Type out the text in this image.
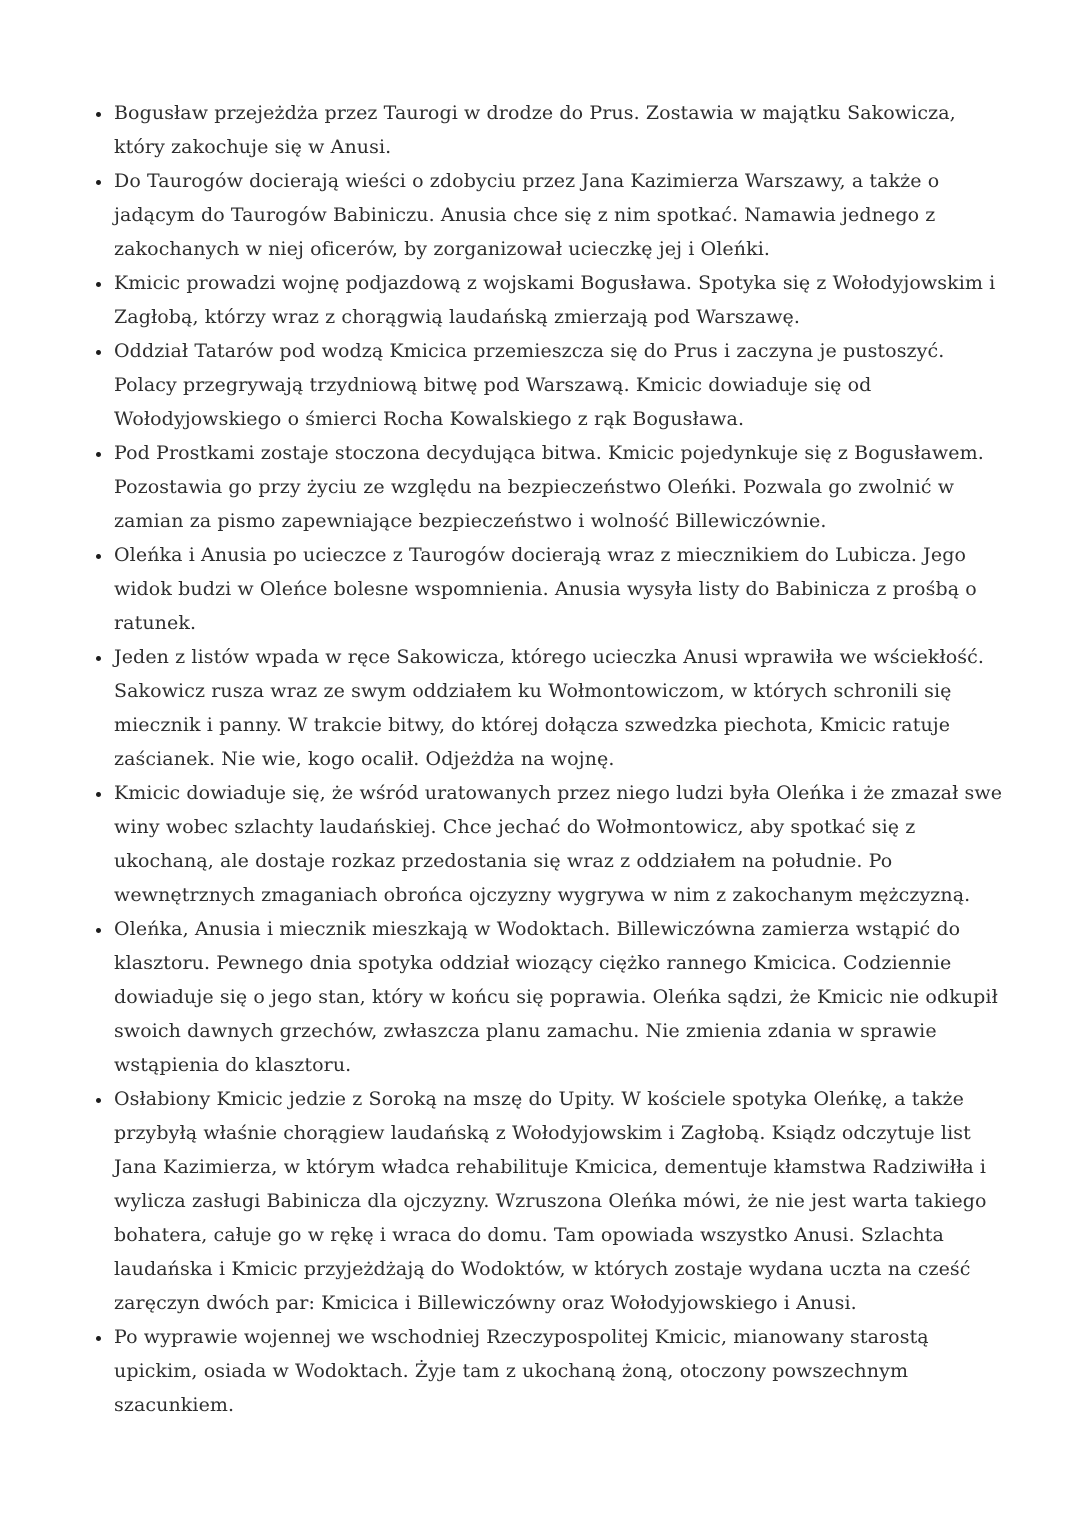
• Bogusław przejeżdża przez Taurogi w drodze do Prus. Zostawia w majątku Sakowicza, który zakochuje się w Anusi.
• Do Taurogów docierają wieści o zdobyciu przez Jana Kazimierza Warszawy, a także o jadącym do Taurogów Babiniczu. Anusia chce się z nim spotkać. Namawia jednego z zakochanych w niej oficerów, by zorganizował ucieczkę jej i Oleńki.
• Kmicic prowadzi wojnę podjazdową z wojskami Bogusława. Spotyka się z Wołodyjowskim i Zagłobą, którzy wraz z chorągwią laudańską zmierzają pod Warszawę.
• Oddział Tatarów pod wodzą Kmicica przemieszcza się do Prus i zaczyna je pustoszyć. Polacy przegrywają trzydniową bitwę pod Warszawą. Kmicic dowiaduje się od Wołodyjowskiego o śmierci Rocha Kowalskiego z rąk Bogusława.
• Pod Prostkami zostaje stoczona decydująca bitwa. Kmicic pojedynkuje się z Bogusławem. Pozostawia go przy życiu ze względu na bezpieczeństwo Oleńki. Pozwala go zwolnić w zamian za pismo zapewniające bezpieczeństwo i wolność Billewiczównie.
• Oleńka i Anusia po ucieczce z Taurogów docierają wraz z miecznikiem do Lubicza. Jego widok budzi w Oleńce bolesne wspomnienia. Anusia wysyła listy do Babinicza z prośbą o ratunek.
• Jeden z listów wpada w ręce Sakowicza, którego ucieczka Anusi wprawiła we wściekłość. Sakowicz rusza wraz ze swym oddziałem ku Wołmontowiczom, w których schronili się miecznik i panny. W trakcie bitwy, do której dołącza szwedzka piechota, Kmicic ratuje zaścianek. Nie wie, kogo ocalił. Odjeżdża na wojnę.
• Kmicic dowiaduje się, że wśród uratowanych przez niego ludzi była Oleńka i że zmazał swe winy wobec szlachty laudańskiej. Chce jechać do Wołmontowicz, aby spotkać się z ukochaną, ale dostaje rozkaz przedostania się wraz z oddziałem na południe. Po wewnętrznych zmaganiach obrońca ojczyzny wygrywa w nim z zakochanym mężczyzną.
• Oleńka, Anusia i miecznik mieszkają w Wodoktach. Billewiczówna zamierza wstąpić do klasztoru. Pewnego dnia spotyka oddział wiozący ciężko rannego Kmicica. Codziennie dowiaduje się o jego stan, który w końcu się poprawia. Oleńka sądzi, że Kmicic nie odkupił swoich dawnych grzechów, zwłaszcza planu zamachu. Nie zmienia zdania w sprawie wstąpienia do klasztoru.
• Osłabiony Kmicic jedzie z Soroką na mszę do Upity. W kościele spotyka Oleńkę, a także przybyłą właśnie chorągiew laudańską z Wołodyjowskim i Zagłobą. Ksiądz odczytuje list Jana Kazimierza, w którym władca rehabilituje Kmicica, dementuje kłamstwa Radziwiłła i wylicza zasługi Babinicza dla ojczyzny. Wzruszona Oleńka mówi, że nie jest warta takiego bohatera, całuje go w rękę i wraca do domu. Tam opowiada wszystko Anusi. Szlachta laudańska i Kmicic przyjeżdżają do Wodoktów, w których zostaje wydana uczta na cześć zaręczyn dwóch par: Kmicica i Billewiczówny oraz Wołodyjowskiego i Anusi.
• Po wyprawie wojennej we wschodniej Rzeczypospolitej Kmicic, mianowany starostą upickim, osiada w Wodoktach. Żyje tam z ukochaną żoną, otoczony powszechnym szacunkiem.
